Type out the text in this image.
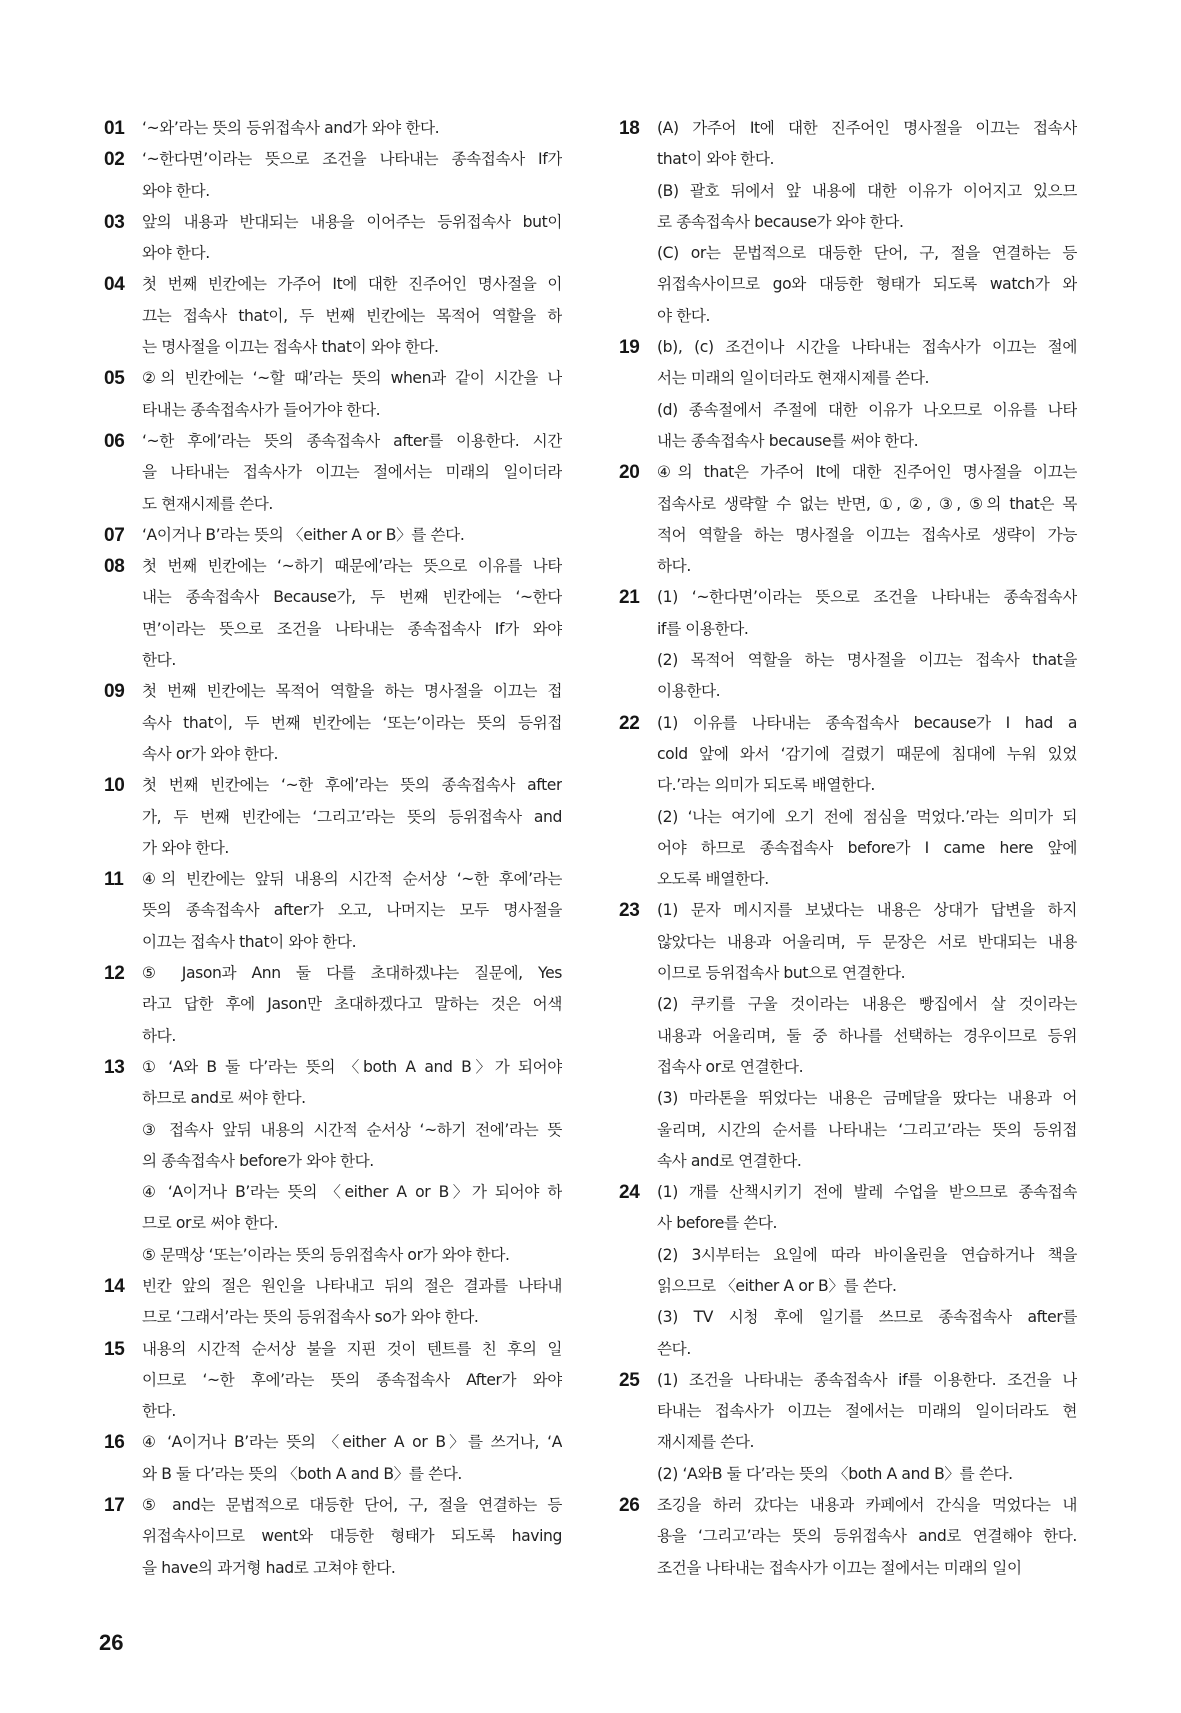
01	‘~와’라는 뜻의 등위접속사 and가 와야 한다.
02	‘~한다면’이라는 뜻으로 조건을 나타내는 종속접속사 If가
와야 한다.
03	앞의 내용과 반대되는 내용을 이어주는 등위접속사 but이
와야 한다.
04	첫 번째 빈칸에는 가주어 It에 대한 진주어인 명사절을 이
끄는 접속사 that이, 두 번째 빈칸에는 목적어 역할을 하
는 명사절을 이끄는 접속사 that이 와야 한다.
05	②의 빈칸에는 ‘~할 때’라는 뜻의 when과 같이 시간을 나
타내는 종속접속사가 들어가야 한다.
06	‘~한 후에’라는 뜻의 종속접속사 after를 이용한다. 시간
을 나타내는 접속사가 이끄는 절에서는 미래의 일이더라
도 현재시제를 쓴다.
07	‘A이거나 B’라는 뜻의 〈either A or B〉를 쓴다.
08	첫 번째 빈칸에는 ‘~하기 때문에’라는 뜻으로 이유를 나타
내는 종속접속사 Because가, 두 번째 빈칸에는 ‘~한다
면’이라는 뜻으로 조건을 나타내는 종속접속사 If가 와야
한다.
09	첫 번째 빈칸에는 목적어 역할을 하는 명사절을 이끄는 접
속사 that이, 두 번째 빈칸에는 ‘또는’이라는 뜻의 등위접
속사 or가 와야 한다.
10	첫 번째 빈칸에는 ‘~한 후에’라는 뜻의 종속접속사 after
가, 두 번째 빈칸에는 ‘그리고’라는 뜻의 등위접속사 and
가 와야 한다.
11	④의 빈칸에는 앞뒤 내용의 시간적 순서상 ‘~한 후에’라는
뜻의 종속접속사 after가 오고, 나머지는 모두 명사절을
이끄는 접속사 that이 와야 한다.
12	⑤ Jason과 Ann 둘 다를 초대하겠냐는 질문에, Yes
라고 답한 후에 Jason만 초대하겠다고 말하는 것은 어색
하다.
13	① ‘A와 B 둘 다’라는 뜻의 〈both A and B〉가 되어야
하므로 and로 써야 한다.
③ 접속사 앞뒤 내용의 시간적 순서상 ‘~하기 전에’라는 뜻
의 종속접속사 before가 와야 한다.
④ ‘A이거나 B’라는 뜻의 〈either A or B〉가 되어야 하
므로 or로 써야 한다.
⑤ 문맥상 ‘또는’이라는 뜻의 등위접속사 or가 와야 한다.
14	빈칸 앞의 절은 원인을 나타내고 뒤의 절은 결과를 나타내
므로 ‘그래서’라는 뜻의 등위접속사 so가 와야 한다.
15	내용의 시간적 순서상 불을 지핀 것이 텐트를 친 후의 일
이므로 ‘~한 후에’라는 뜻의 종속접속사 After가 와야
한다.
16	④ ‘A이거나 B’라는 뜻의 〈either A or B〉를 쓰거나, ‘A
와 B 둘 다’라는 뜻의 〈both A and B〉를 쓴다.
17	⑤ and는 문법적으로 대등한 단어, 구, 절을 연결하는 등
위접속사이므로 went와 대등한 형태가 되도록 having
을 have의 과거형 had로 고쳐야 한다.
18	(A) 가주어 It에 대한 진주어인 명사절을 이끄는 접속사
that이 와야 한다.
(B) 괄호 뒤에서 앞 내용에 대한 이유가 이어지고 있으므
로 종속접속사 because가 와야 한다.
(C) or는 문법적으로 대등한 단어, 구, 절을 연결하는 등
위접속사이므로 go와 대등한 형태가 되도록 watch가 와
야 한다.
19	(b), (c) 조건이나 시간을 나타내는 접속사가 이끄는 절에
서는 미래의 일이더라도 현재시제를 쓴다.
(d) 종속절에서 주절에 대한 이유가 나오므로 이유를 나타
내는 종속접속사 because를 써야 한다.
20	④의 that은 가주어 It에 대한 진주어인 명사절을 이끄는
접속사로 생략할 수 없는 반면, ①, ②, ③, ⑤의 that은 목
적어 역할을 하는 명사절을 이끄는 접속사로 생략이 가능
하다.
21	(1) ‘~한다면’이라는 뜻으로 조건을 나타내는 종속접속사
if를 이용한다.
(2) 목적어 역할을 하는 명사절을 이끄는 접속사 that을
이용한다.
22	(1) 이유를 나타내는 종속접속사 because가 I had a
cold 앞에 와서 ‘감기에 걸렸기 때문에 침대에 누워 있었
다.’라는 의미가 되도록 배열한다.
(2) ‘나는 여기에 오기 전에 점심을 먹었다.’라는 의미가 되
어야 하므로 종속접속사 before가 I came here 앞에
오도록 배열한다.
23	(1) 문자 메시지를 보냈다는 내용은 상대가 답변을 하지
않았다는 내용과 어울리며, 두 문장은 서로 반대되는 내용
이므로 등위접속사 but으로 연결한다.
(2) 쿠키를 구울 것이라는 내용은 빵집에서 살 것이라는
내용과 어울리며, 둘 중 하나를 선택하는 경우이므로 등위
접속사 or로 연결한다.
(3) 마라톤을 뛰었다는 내용은 금메달을 땄다는 내용과 어
울리며, 시간의 순서를 나타내는 ‘그리고’라는 뜻의 등위접
속사 and로 연결한다.
24	(1) 개를 산책시키기 전에 발레 수업을 받으므로 종속접속
사 before를 쓴다.
(2) 3시부터는 요일에 따라 바이올린을 연습하거나 책을
읽으므로 〈either A or B〉를 쓴다.
(3) TV 시청 후에 일기를 쓰므로 종속접속사 after를
쓴다.
25	(1) 조건을 나타내는 종속접속사 if를 이용한다. 조건을 나
타내는 접속사가 이끄는 절에서는 미래의 일이더라도 현
재시제를 쓴다.
(2) ‘A와B 둘 다’라는 뜻의 〈both A and B〉를 쓴다.
26	조깅을 하러 갔다는 내용과 카페에서 간식을 먹었다는 내
용을 ‘그리고’라는 뜻의 등위접속사 and로 연결해야 한다.
조건을 나타내는 접속사가 이끄는 절에서는 미래의 일이
26
